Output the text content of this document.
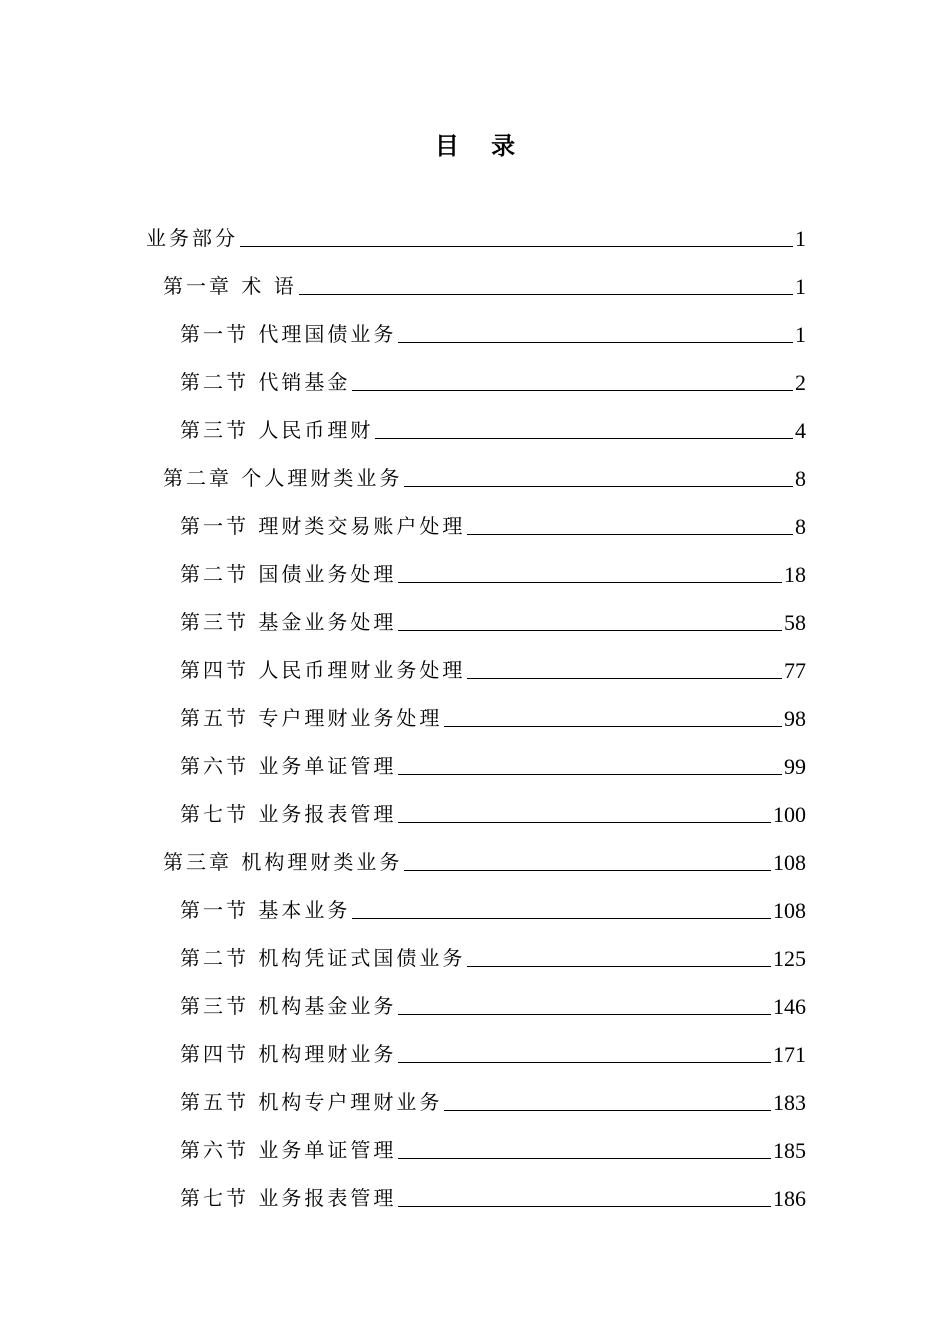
目 录
业务部分	1
第一章 术 语	1
第一节 代理国债业务	1
第二节 代销基金	2
第三节 人民币理财	4
第二章 个人理财类业务	8
第一节 理财类交易账户处理	8
第二节 国债业务处理	18
第三节 基金业务处理	58
第四节 人民币理财业务处理	77
第五节 专户理财业务处理	98
第六节 业务单证管理	99
第七节 业务报表管理	100
第三章 机构理财类业务	108
第一节 基本业务	108
第二节 机构凭证式国债业务	125
第三节 机构基金业务	146
第四节 机构理财业务	171
第五节 机构专户理财业务	183
第六节 业务单证管理	185
第七节 业务报表管理	186
